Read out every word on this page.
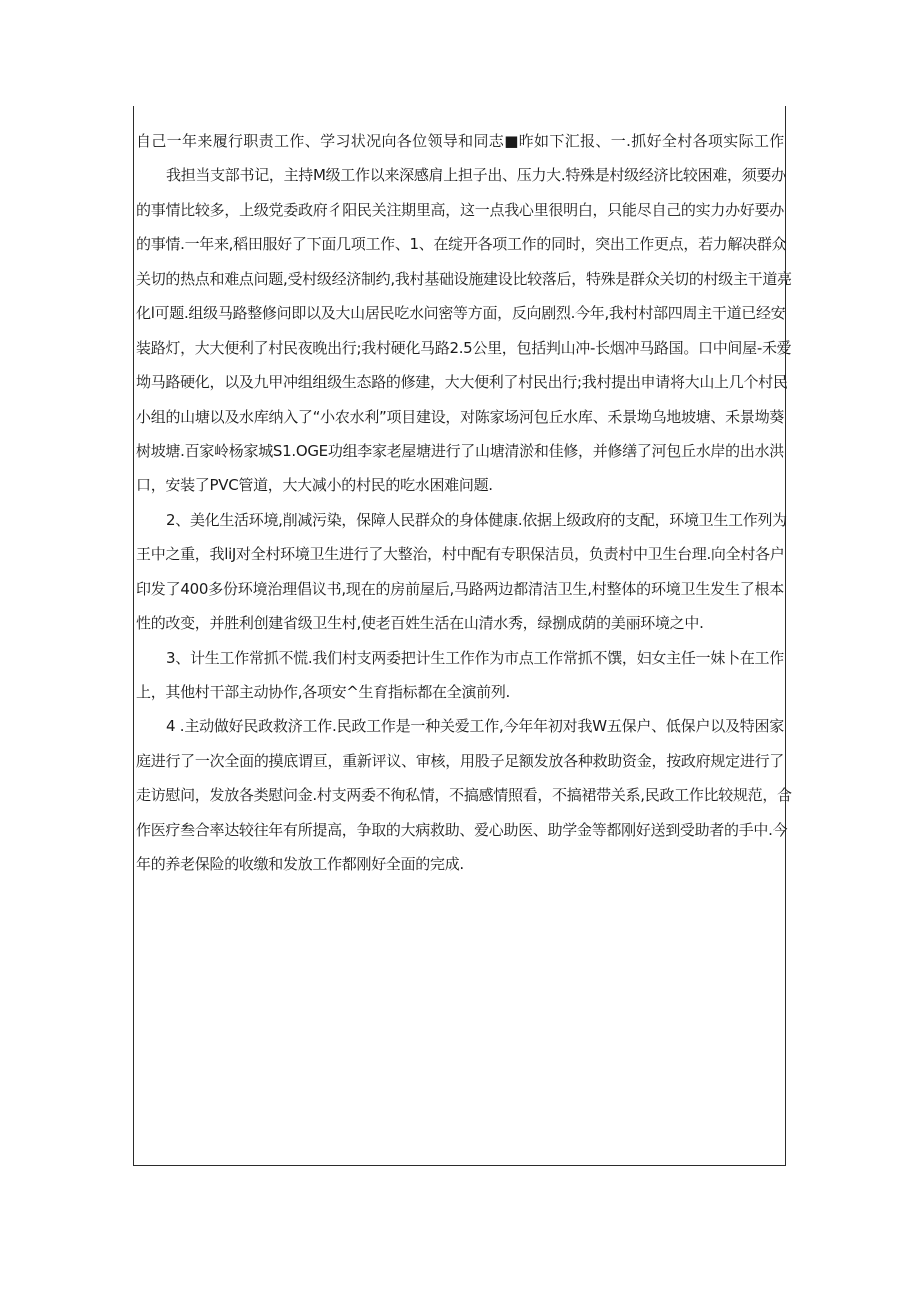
自己一年来履行职责工作、学习状况向各位领导和同志■昨如下汇报、一.抓好全村各项实际工作
我担当支部书记，主持M级工作以来深感肩上担子出、压力大.特殊是村级经济比较困难，须要办
的事情比较多，上级党委政府彳阳民关注期里高，这一点我心里很明白，只能尽自己的实力办好要办
的事情.一年来,稻田服好了下面几项工作、1、在绽开各项工作的同时，突出工作更点，若力解决群众
关切的热点和难点问题,受村级经济制约,我村基础设施建设比较落后，特殊是群众关切的村级主干道亮
化l可题.组级马路整修问即以及大山居民吃水问密等方面，反向剧烈.今年,我村村部四周主干道已经安
装路灯，大大便利了村民夜晚出行;我村硬化马路2.5公里，包括判山冲-长烟冲马路国。口中间屋-禾爱
坳马路硬化，以及九甲冲组组级生态路的修建，大大便利了村民出行;我村提出申请将大山上几个村民
小组的山塘以及水库纳入了“小农水利”项目建设，对陈家场河包丘水库、禾景坳乌地坡塘、禾景坳葵
树坡塘.百家岭杨家城S1.OGE功组李家老屋塘进行了山塘清淤和佳修，并修缮了河包丘水岸的出水洪
口，安装了PVC管道，大大减小的村民的吃水困难问题.
2、美化生活环境,削减污染，保障人民群众的身体健康.依据上级政府的支配，环境卫生工作列为
王中之重，我liJ对全村环境卫生进行了大整治，村中配有专职保洁员，负责村中卫生台理.向全村各户
印发了400多份环境治理倡议书,现在的房前屋后,马路两边都清洁卫生,村整体的环境卫生发生了根本
性的改变，并胜利创建省级卫生村,使老百姓生活在山清水秀，绿捌成荫的美丽环境之中.
3、计生工作常抓不慌.我们村支两委把计生工作作为市点工作常抓不馔，妇女主任一妹卜在工作
上，其他村干部主动协作,各项安^生育指标都在全演前列.
4 .主动做好民政救济工作.民政工作是一种关爱工作,今年年初对我W五保户、低保户以及特困家
庭进行了一次全面的摸底谓亘，重新评议、审核，用股子足额发放各种救助资金，按政府规定进行了
走访慰问，发放各类慰问金.村支两委不徇私情，不搞感情照看，不搞裙带关系,民政工作比较规范，合
作医疗叁合率达较往年有所提高，争取的大病救助、爱心助医、助学金等都刚好送到受助者的手中.今
年的养老保险的收缴和发放工作都刚好全面的完成.
